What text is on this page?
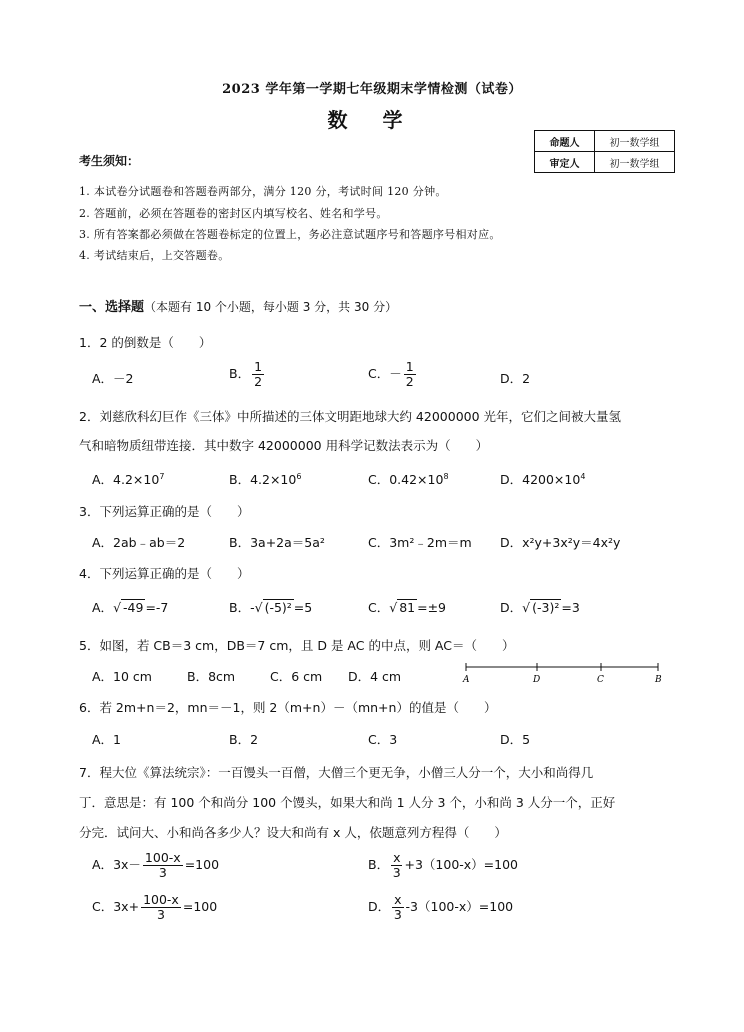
2023 学年第一学期七年级期末学情检测（试卷）
数 学
命题人	初一数学组
审定人	初一数学组
考生须知：
1. 本试卷分试题卷和答题卷两部分，满分 120 分，考试时间 120 分钟。
2. 答题前，必须在答题卷的密封区内填写校名、姓名和学号。
3. 所有答案都必须做在答题卷标定的位置上，务必注意试题序号和答题序号相对应。
4. 考试结束后，上交答题卷。
一、选择题（本题有 10 个小题，每小题 3 分，共 30 分）
1．2 的倒数是（　　）
A．－2	B． $\frac{1}{2}$	C．－ $\frac{1}{2}$	D．2
2．刘慈欣科幻巨作《三体》中所描述的三体文明距地球大约 42000000 光年，它们之间被大量氢
气和暗物质纽带连接．其中数字 42000000 用科学记数法表示为（　　）
A．$4.2\times 10^7$	B．$4.2\times 10^6$	C．$0.42\times 10^8$	D．$4200\times 10^4$
3．下列运算正确的是（　　）
A．2ab﹣ab＝2	B．3a+2a＝5a²	C．3m²﹣2m＝m D．x²y+3x²y＝4x²y
4．下列运算正确的是（　　）
A．√ -49 =-7	B．-√ (-5)² =5	C．√ 81 =±9	D．√ (-3)² =3
5．如图，若 CB＝3 cm，DB＝7 cm，且 D 是 AC 的中点，则 AC＝（　　）
A．10 cm	B．8cm	C．6 cm D．4 cm	A	D	C	B
6．若 2m+n＝2，mn＝－1，则 2（m+n）－（mn+n）的值是（　　）
A．1	B．2	C．3	D．5
7．程大位《算法统宗》：一百馒头一百僧，大僧三个更无争，小僧三人分一个，大小和尚得几
丁．意思是：有 100 个和尚分 100 个馒头，如果大和尚 1 人分 3 个，小和尚 3 人分一个，正好
分完．试问大、小和尚各多少人？设大和尚有 x 人，依题意列方程得（　　）
A．$3x- \frac{100-x}{3} =100$	B． $\frac{x}{3} +3(100-x)=100$
C．$3x+ \frac{100-x}{3} =100$	D． $\frac{x}{3} -3(100-x)=100$
